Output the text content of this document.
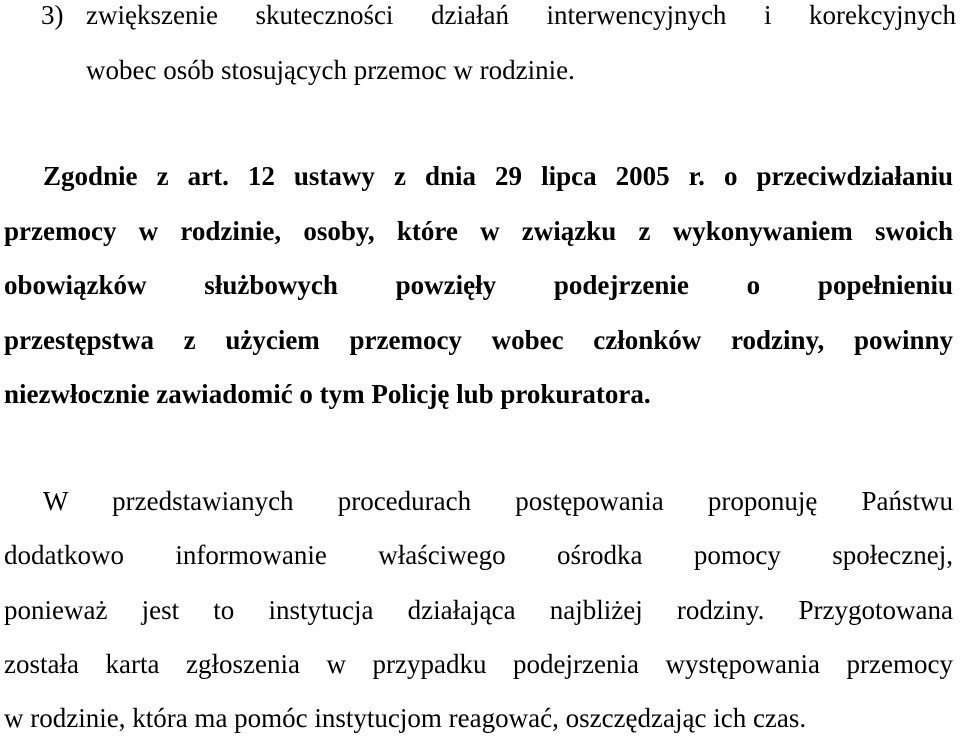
3) zwiększenie skuteczności działań interwencyjnych i korekcyjnych
wobec osób stosujących przemoc w rodzinie.
Zgodnie z art. 12 ustawy z dnia 29 lipca 2005 r. o przeciwdziałaniu
przemocy w rodzinie, osoby, które w związku z wykonywaniem swoich
obowiązków służbowych powzięły podejrzenie o popełnieniu
przestępstwa z użyciem przemocy wobec członków rodziny, powinny
niezwłocznie zawiadomić o tym Policję lub prokuratora.
W przedstawianych procedurach postępowania proponuję Państwu
dodatkowo informowanie właściwego ośrodka pomocy społecznej,
ponieważ jest to instytucja działająca najbliżej rodziny. Przygotowana
została karta zgłoszenia w przypadku podejrzenia występowania przemocy
w rodzinie, która ma pomóc instytucjom reagować, oszczędzając ich czas.
